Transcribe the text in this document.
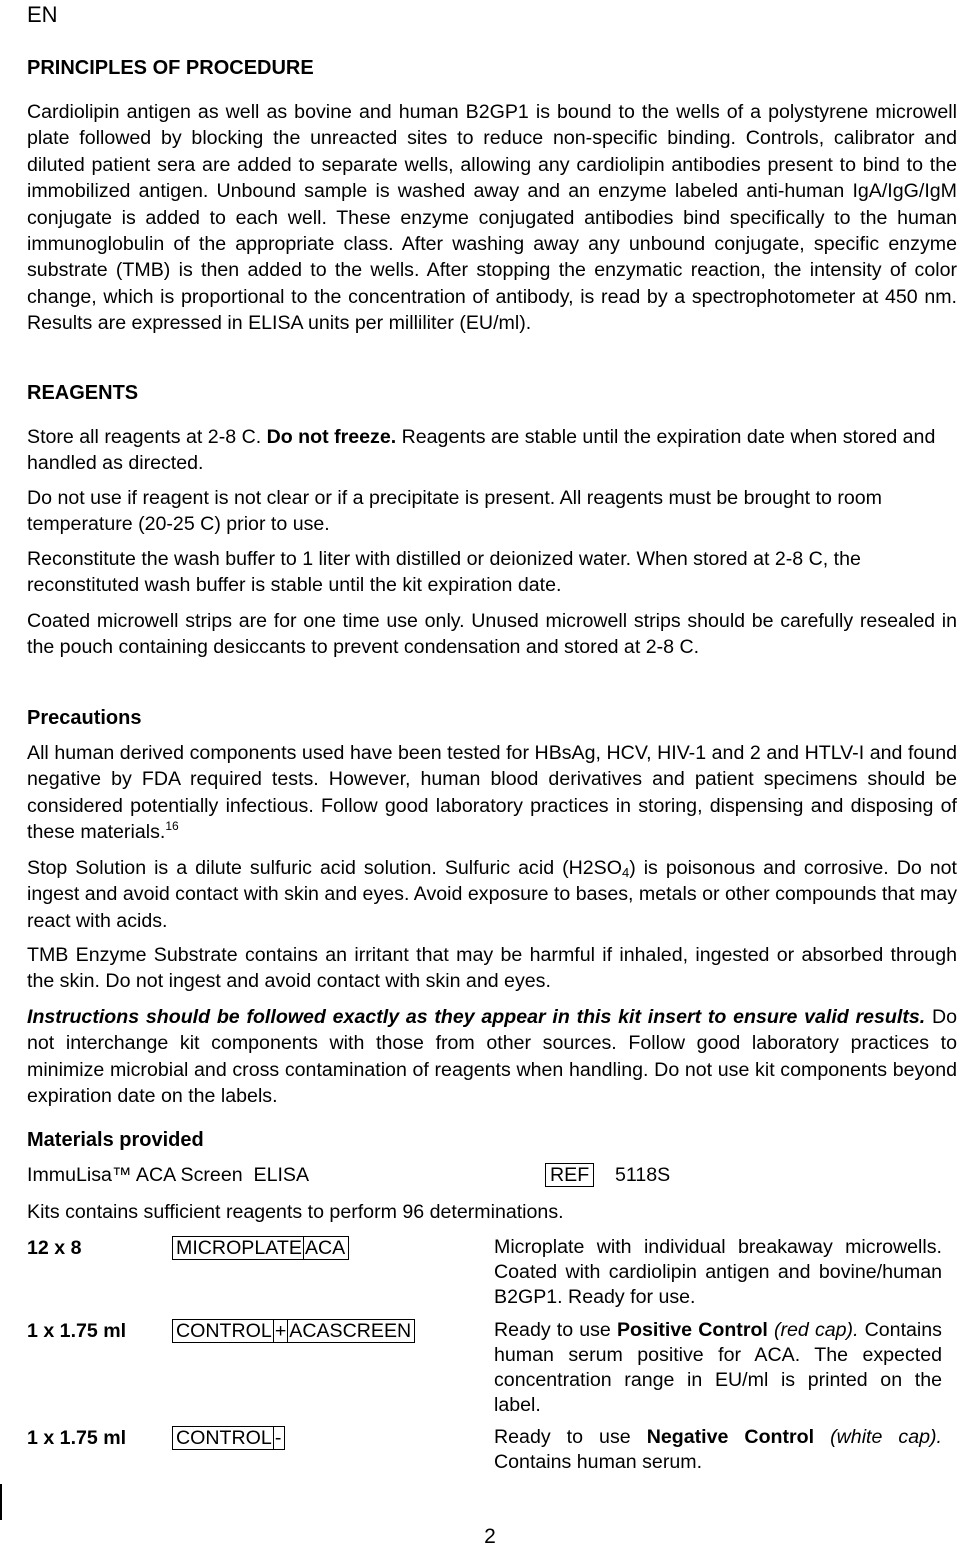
EN
PRINCIPLES OF PROCEDURE
Cardiolipin antigen as well as bovine and human B2GP1 is bound to the wells of a polystyrene microwell plate followed by blocking the unreacted sites to reduce non-specific binding. Controls, calibrator and diluted patient sera are added to separate wells, allowing any cardiolipin antibodies present to bind to the immobilized antigen. Unbound sample is washed away and an enzyme labeled anti-human IgA/IgG/IgM conjugate is added to each well. These enzyme conjugated antibodies bind specifically to the human immunoglobulin of the appropriate class. After washing away any unbound conjugate, specific enzyme substrate (TMB) is then added to the wells. After stopping the enzymatic reaction, the intensity of color change, which is proportional to the concentration of antibody, is read by a spectrophotometer at 450 nm. Results are expressed in ELISA units per milliliter (EU/ml).
REAGENTS
Store all reagents at 2-8 C. Do not freeze. Reagents are stable until the expiration date when stored and handled as directed.
Do not use if reagent is not clear or if a precipitate is present. All reagents must be brought to room temperature (20-25 C) prior to use.
Reconstitute the wash buffer to 1 liter with distilled or deionized water. When stored at 2-8 C, the reconstituted wash buffer is stable until the kit expiration date.
Coated microwell strips are for one time use only. Unused microwell strips should be carefully resealed in the pouch containing desiccants to prevent condensation and stored at 2-8 C.
Precautions
All human derived components used have been tested for HBsAg, HCV, HIV-1 and 2 and HTLV-I and found negative by FDA required tests. However, human blood derivatives and patient specimens should be considered potentially infectious. Follow good laboratory practices in storing, dispensing and disposing of these materials.$^{16}$
Stop Solution is a dilute sulfuric acid solution. Sulfuric acid $(H2SO_4)$ is poisonous and corrosive. Do not ingest and avoid contact with skin and eyes. Avoid exposure to bases, metals or other compounds that may react with acids.
TMB Enzyme Substrate contains an irritant that may be harmful if inhaled, ingested or absorbed through the skin. Do not ingest and avoid contact with skin and eyes.
Instructions should be followed exactly as they appear in this kit insert to ensure valid results. Do not interchange kit components with those from other sources. Follow good laboratory practices to minimize microbial and cross contamination of reagents when handling. Do not use kit components beyond expiration date on the labels.
Materials provided
ImmuLisa™ ACA Screen  ELISA	REF 5118S
Kits contains sufficient reagents to perform 96 determinations.
12 x 8	MICROPLATE ACA	Microplate with individual breakaway microwells. Coated with cardiolipin antigen and bovine/human B2GP1. Ready for use.
1 x 1.75 ml	CONTROL + ACASCREEN	Ready to use Positive Control (red cap). Contains human serum positive for ACA. The expected concentration range in EU/ml is printed on the label.
1 x 1.75 ml	CONTROL -	Ready to use Negative Control (white cap). Contains human serum.
2
